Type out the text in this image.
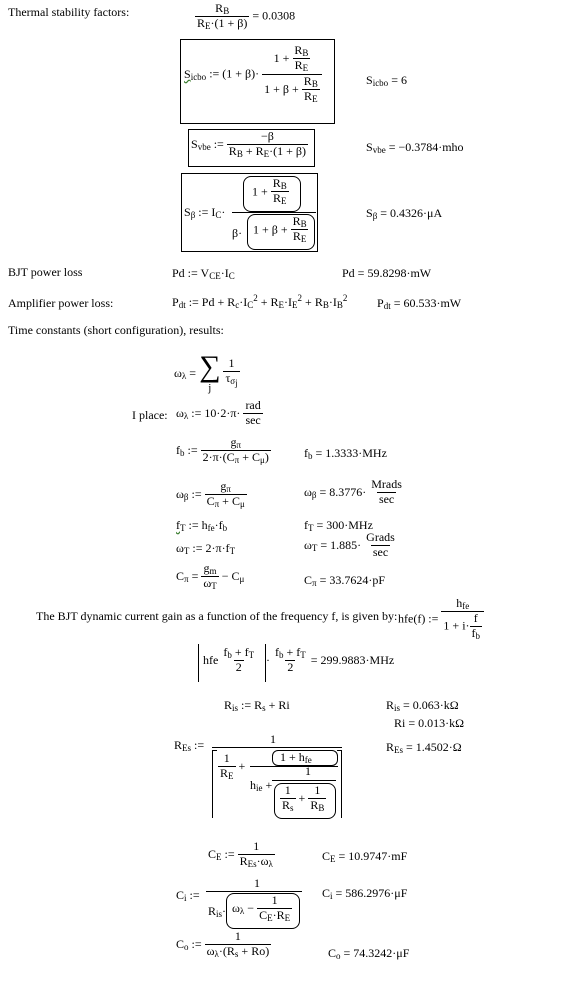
Thermal stability factors:	$\frac{R_B}{R_E\cdot(1 + \beta)} = 0.0308$
$S_{icbo}$ := $(1 + \beta)\cdot \frac{1 + \frac{R_B}{R_E}}{1 + \beta + \frac{R_B}{R_E}}$	$S_{icbo} = 6$
$S_{vbe}$ := $\frac{-\beta}{R_B + R_E\cdot(1 + \beta)}$	$S_{vbe} = -0.3784\cdot mho$
$S_\beta$ := $I_C\cdot$
$1 + \frac{R_B}{R_E}$
$\beta\cdot 1 + \beta + \frac{R_B}{R_E}$
$S_\beta = 0.4326\cdot\mu A$
BJT power loss	Pd := $V_{CE}\cdot I_C$	Pd = 59.8298·mW
Amplifier power loss:	$P_{dt}$ := $Pd + R_c\cdot I_C^2 + R_E\cdot I_E^2 + R_B\cdot I_B^2$ $P_{dt} = 60.533\cdot mW$
Time constants (short configuration), results:
$\omega_\lambda$ = ∑
j
$\frac{1}{\tau_{\sigma_j}}$
I place: $\omega_\lambda$ := $10\cdot 2\cdot\pi\cdot \frac{\text{rad}}{\sec}$
$f_b$ := $\frac{g_\pi}{2\cdot\pi\cdot(C_\pi + C_\mu)}$	$f_b = 1.3333\cdot MHz$
$\omega_\beta$ := $\frac{g_\pi}{C_\pi + C_\mu}$	$\omega_\beta = 8.3776\cdot \frac{\text{Mrads}}{\sec}$
$f_T$ := $h_{fe}\cdot f_b$	$f_T = 300\cdot MHz$
$\omega_T$ := $2\cdot\pi\cdot f_T$	$\omega_T = 1.885\cdot \frac{\text{Grads}}{\sec}$
$C_\pi = \frac{g_m}{\omega_T} - C_\mu$	$C_\pi = 33.7624\cdot pF$
The BJT dynamic current gain as a function of the frequency f, is given by: hfe(f) := $\frac{h_{fe}}{1 + i\cdot \frac{f}{f_b}}$
hfe $\frac{f_b + f_T}{2} \cdot \frac{f_b + f_T}{2} = 299.9883\cdot MHz$
$R_{is}$ := $R_s + Ri$	$R_{is} = 0.063\cdot k\Omega$
Ri = 0.013·kΩ
$R_{Es}$ :=	1
$\frac{1}{R_E}$ +
$1 + h_{fe}$
$h_{ie}$ +
1
$\frac{1}{R_s} + \frac{1}{R_B}$
$R_{Es} = 1.4502\cdot\Omega$
$C_E$ := $\frac{1}{R_{Es}\cdot\omega_\lambda}$	$C_E = 10.9747\cdot mF$
$C_i$ :=
1
$R_{is}\cdot \omega_\lambda - \frac{1}{C_E\cdot R_E}$
$C_i = 586.2976\cdot\mu F$
$C_o$ := $\frac{1}{\omega_\lambda\cdot(R_s + Ro)}$	$C_o = 74.3242\cdot\mu F$
